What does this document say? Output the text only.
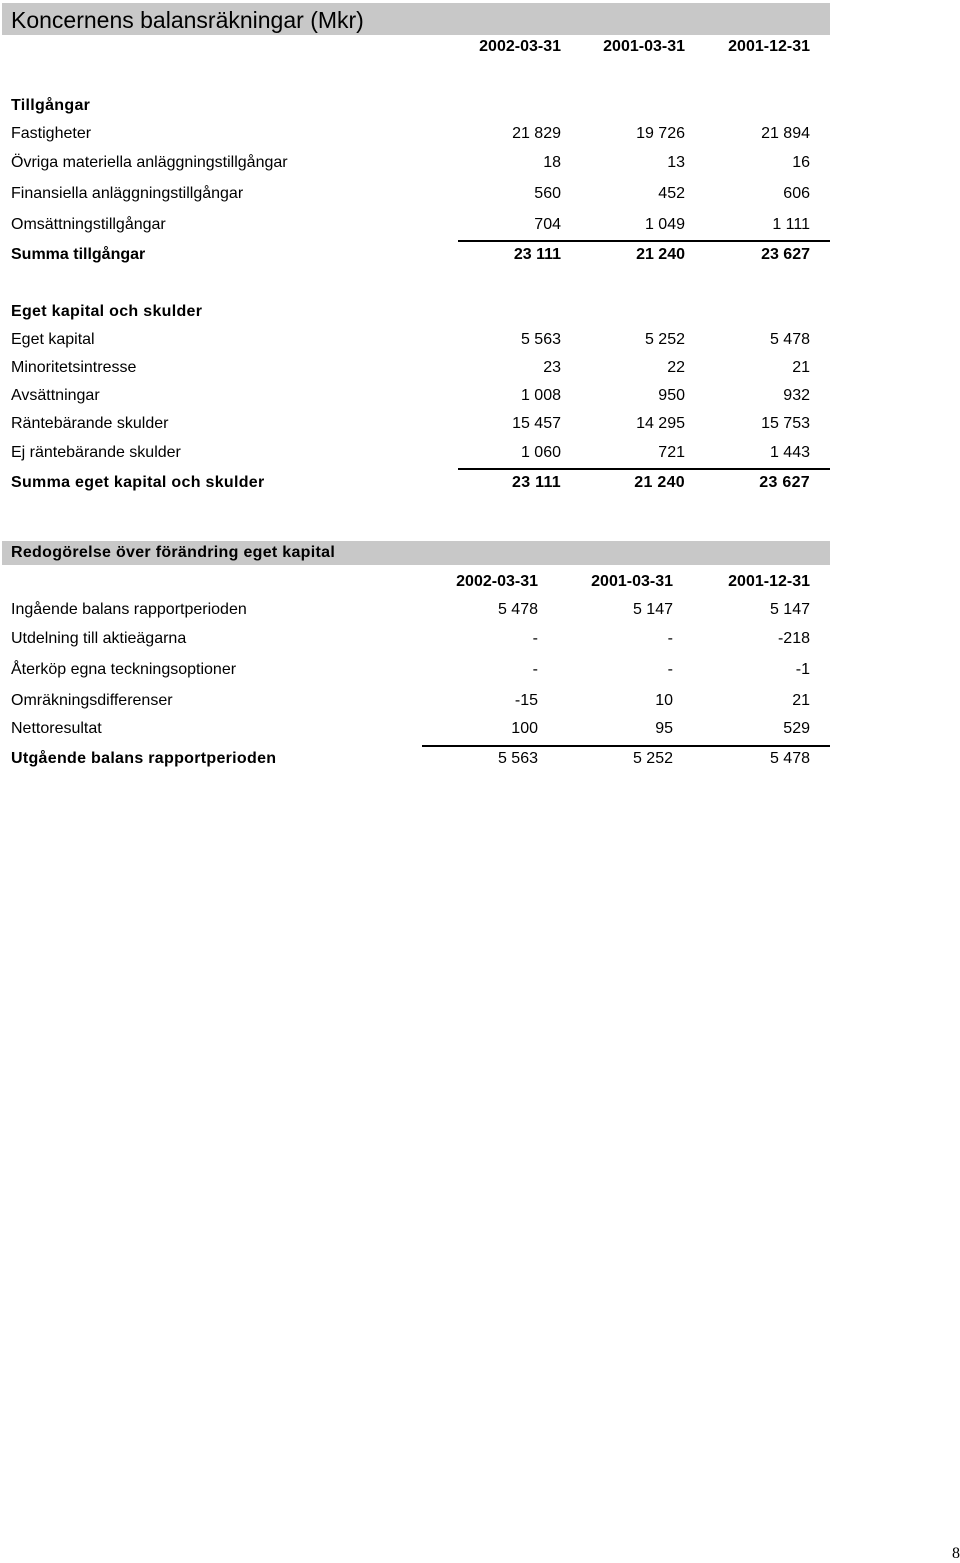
Koncernens balansräkningar (Mkr)
2002-03-31	2001-03-31	2001-12-31
Tillgångar
Fastigheter	21 829	19 726	21 894
Övriga materiella anläggningstillgångar	18	13	16
Finansiella anläggningstillgångar	560	452	606
Omsättningstillgångar	704	1 049	1 111
Summa tillgångar	23 111	21 240	23 627
Eget kapital och skulder
Eget kapital	5 563	5 252	5 478
Minoritetsintresse	23	22	21
Avsättningar	1 008	950	932
Räntebärande skulder	15 457	14 295	15 753
Ej räntebärande skulder	1 060	721	1 443
Summa eget kapital och skulder	23 111	21 240	23 627
Redogörelse över förändring eget kapital
2002-03-31	2001-03-31	2001-12-31
Ingående balans rapportperioden	5 478	5 147	5 147
Utdelning till aktieägarna	-	-	-218
Återköp egna teckningsoptioner	-	-	-1
Omräkningsdifferenser	-15	10	21
Nettoresultat	100	95	529
Utgående balans rapportperioden	5 563	5 252	5 478
8
